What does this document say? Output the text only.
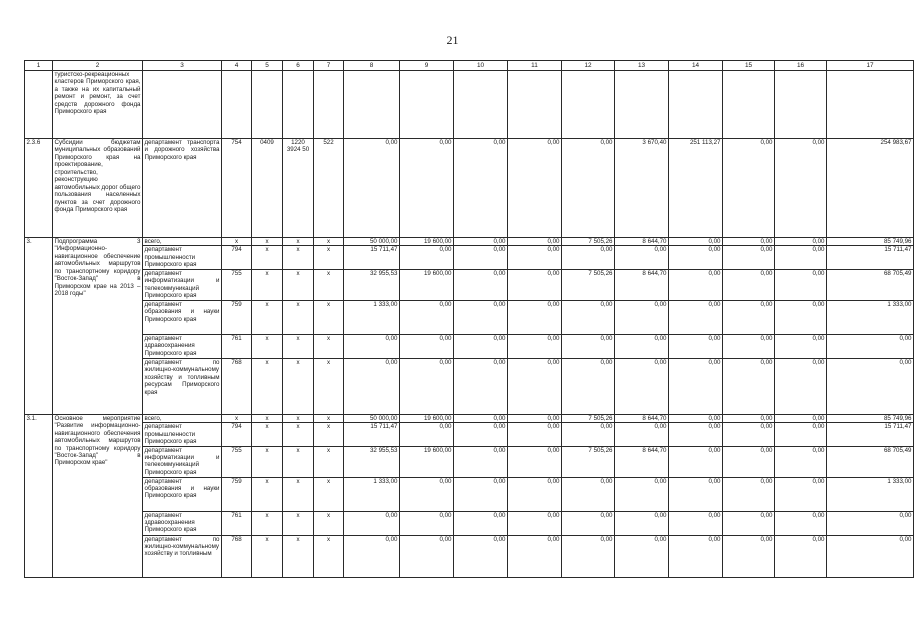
21
1	2	3	4	5	6	7	8	9	10	11	12	13	14	15	16	17
	туристско-рекреационных кластеров Приморского края, а также на их капитальный ремонт и ремонт, за счет средств дорожного фонда Приморского края															
2.3.6	Субсидии бюджетам муниципальных образований Приморского края на проектирование, строительство, реконструкцию автомобильных дорог общего пользования населенных пунктов за счет дорожного фонда Приморского края	департамент транспорта и дорожного хозяйства Приморского края	754	0409	1220 3924 50	522	0,00	0,00	0,00	0,00	0,00	3 670,40	251 113,27	0,00	0,00	254 983,67
3.	Подпрограмма 3 "Информационно-навигационное обеспечение автомобильных маршрутов по транспортному коридору "Восток-Запад" в Приморском крае на 2013 – 2018 годы"	всего,	x	x	x	x	50 000,00	19 600,00	0,00	0,00	7 505,26	8 644,70	0,00	0,00	0,00	85 749,96
		департамент промышленности Приморского края	794	x	x	x	15 711,47	0,00	0,00	0,00	0,00	0,00	0,00	0,00	0,00	15 711,47
		департамент информатизации и телекоммуникаций Приморского края	755	x	x	x	32 955,53	19 600,00	0,00	0,00	7 505,26	8 644,70	0,00	0,00	0,00	68 705,49
		департамент образования и науки Приморского края	759	x	x	x	1 333,00	0,00	0,00	0,00	0,00	0,00	0,00	0,00	0,00	1 333,00
		департамент здравоохранения Приморского края	761	x	x	x	0,00	0,00	0,00	0,00	0,00	0,00	0,00	0,00	0,00	0,00
		департамент по жилищно-коммунальному хозяйству и топливным ресурсам Приморского края	768	x	x	x	0,00	0,00	0,00	0,00	0,00	0,00	0,00	0,00	0,00	0,00
3.1.	Основное мероприятие "Развитие информационно-навигационного обеспечения автомобильных маршрутов по транспортному коридору "Восток-Запад" в Приморском крае"	всего,	x	x	x	x	50 000,00	19 600,00	0,00	0,00	7 505,26	8 644,70	0,00	0,00	0,00	85 749,96
		департамент промышленности Приморского края	794	x	x	x	15 711,47	0,00	0,00	0,00	0,00	0,00	0,00	0,00	0,00	15 711,47
		департамент информатизации и телекоммуникаций Приморского края	755	x	x	x	32 955,53	19 600,00	0,00	0,00	7 505,26	8 644,70	0,00	0,00	0,00	68 705,49
		департамент образования и науки Приморского края	759	x	x	x	1 333,00	0,00	0,00	0,00	0,00	0,00	0,00	0,00	0,00	1 333,00
		департамент здравоохранения Приморского края	761	x	x	x	0,00	0,00	0,00	0,00	0,00	0,00	0,00	0,00	0,00	0,00
		департамент по жилищно-коммунальному хозяйству и топливным	768	x	x	x	0,00	0,00	0,00	0,00	0,00	0,00	0,00	0,00	0,00	0,00
